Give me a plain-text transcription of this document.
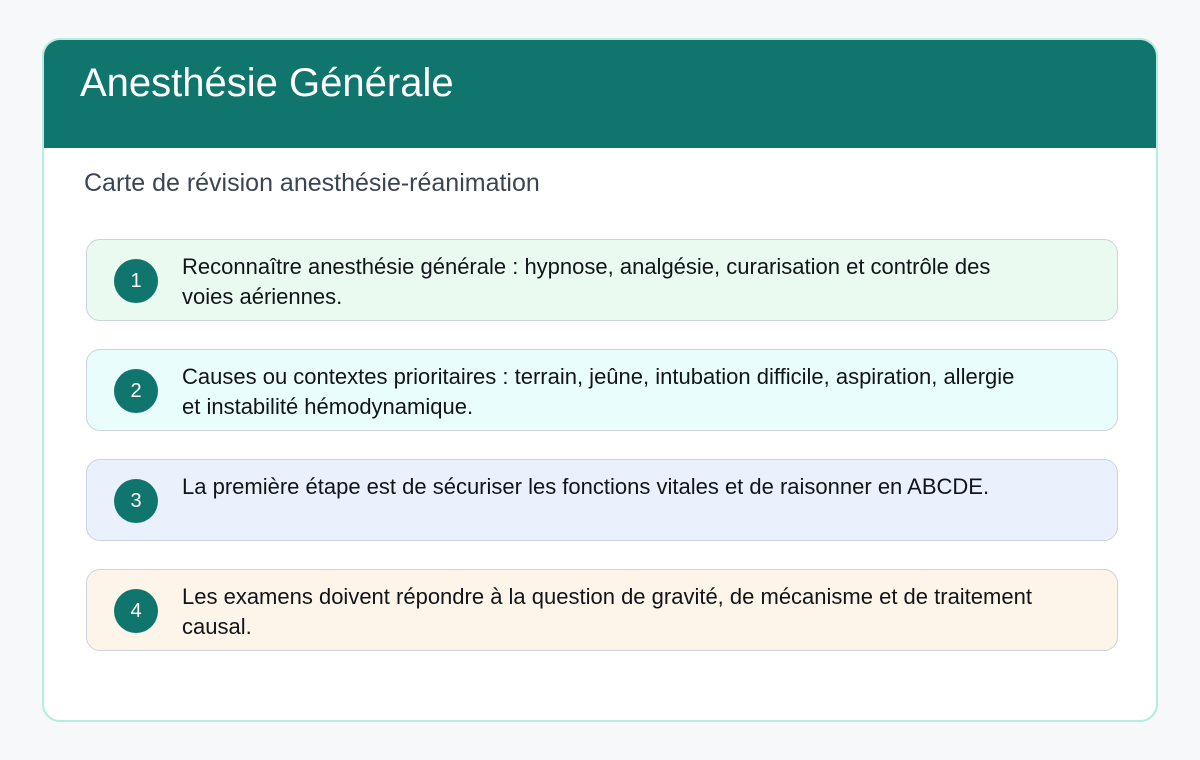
Anesthésie Générale
Carte de révision anesthésie-réanimation
1
Reconnaître anesthésie générale : hypnose, analgésie, curarisation et contrôle des voies aériennes.
2
Causes ou contextes prioritaires : terrain, jeûne, intubation difficile, aspiration, allergie et instabilité hémodynamique.
3
La première étape est de sécuriser les fonctions vitales et de raisonner en ABCDE.
4
Les examens doivent répondre à la question de gravité, de mécanisme et de traitement causal.
